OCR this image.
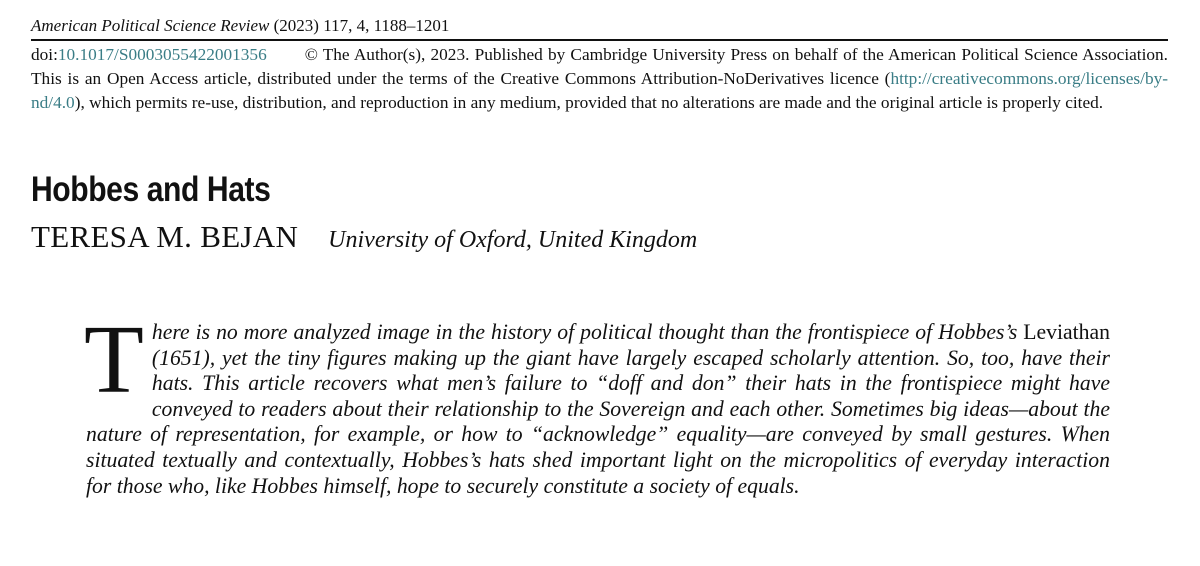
American Political Science Review (2023) 117, 4, 1188–1201
doi:10.1017/S0003055422001356 © The Author(s), 2023. Published by Cambridge University Press on behalf of the American Political Science Association. This is an Open Access article, distributed under the terms of the Creative Commons Attribution-NoDerivatives licence (http://creativecommons.org/licenses/by-nd/4.0), which permits re-use, distribution, and reproduction in any medium, provided that no alterations are made and the original article is properly cited.
Hobbes and Hats
TERESA M. BEJAN University of Oxford, United Kingdom

There is no more analyzed image in the history of political thought than the frontispiece of Hobbes’s Leviathan (1651), yet the tiny figures making up the giant have largely escaped scholarly attention. So, too, have their hats. This article recovers what men’s failure to “doff and don” their hats in the frontispiece might have conveyed to readers about their relationship to the Sovereign and each other. Sometimes big ideas—about the nature of representation, for example, or how to “acknowledge” equality—are conveyed by small gestures. When situated textually and contextually, Hobbes’s hats shed important light on the micropolitics of everyday interaction for those who, like Hobbes himself, hope to securely constitute a society of equals.
